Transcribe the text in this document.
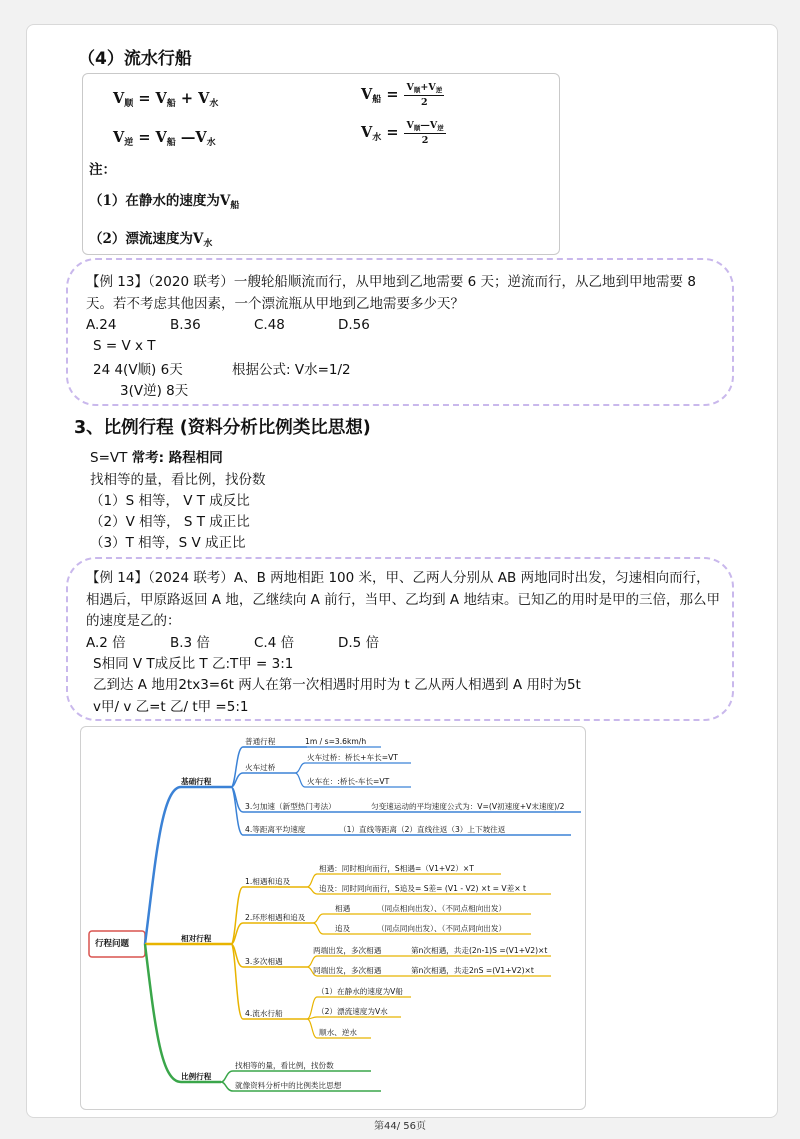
（4）流水行船
$V_顺 = V_船 + V_水$
$V_逆 = V_船$ $—V_水$
$V_船 = \frac{V_顺+V_逆}{2}$
$V_水 = \frac{V_顺—V_逆}{2}$
注：
（1）在静水的速度为$V_船$
（2）漂流速度为$V_水$
【例 13】（2020 联考）一艘轮船顺流而行，从甲地到乙地需要 6 天；逆流而行，从乙地到甲地需要 8
天。若不考虑其他因素，一个漂流瓶从甲地到乙地需要多少天？
A.24	B.36	C.48	D.56
S = V x T
24 4(V顺) 6天	根据公式: V水=1/2
3(V逆) 8天
3、比例行程 (资料分析比例类比思想)
S=VT 常考: 路程相同
找相等的量，看比例，找份数
（1）S 相等， V T 成反比
（2）V 相等， S T 成正比
（3）T 相等，S V 成正比
【例 14】（2024 联考）A、B 两地相距 100 米，甲、乙两人分别从 AB 两地同时出发，匀速相向而行，
相遇后，甲原路返回 A 地，乙继续向 A 前行，当甲、乙均到 A 地结束。已知乙的用时是甲的三倍，那么甲
的速度是乙的：
A.2 倍	B.3 倍	C.4 倍	D.5 倍
S相同 V T成反比 T 乙:T甲 = 3:1
乙到达 A 地用2tx3=6t 两人在第一次相遇时用时为 t 乙从两人相遇到 A 用时为5t
v甲/ v 乙=t 乙/ t甲 =5:1
行程问题
基础行程
相对行程
比例行程
普通行程	1m / s=3.6km/h
火车过桥
火车过桥：桥长+车长=VT
火车在：:桥长-车长=VT
3.匀加速（新型热门考法）	匀变速运动的平均速度公式为：V=(V初速度+V末速度)/2
4.等距离平均速度	（1）直线等距离（2）直线往返（3）上下坡往返
1.相遇和追及
相遇：同时相向而行，S相遇=（V1+V2）×T
追及：同时同向而行，S追及= S差= (V1 - V2) ×t = V差× t
2.环形相遇和追及
相遇	（同点相向出发）、（不同点相向出发）
追及	（同点同向出发）、（不同点同向出发）
3.多次相遇
两端出发，多次相遇	第n次相遇，共走(2n-1)S =(V1+V2)×t
同端出发，多次相遇	第n次相遇，共走2nS =(V1+V2)×t
4.流水行船
（1）在静水的速度为V船
（2）漂流速度为V水
顺水、逆水
找相等的量，看比例，找份数
就像资料分析中的比例类比思想
第44/ 56页
